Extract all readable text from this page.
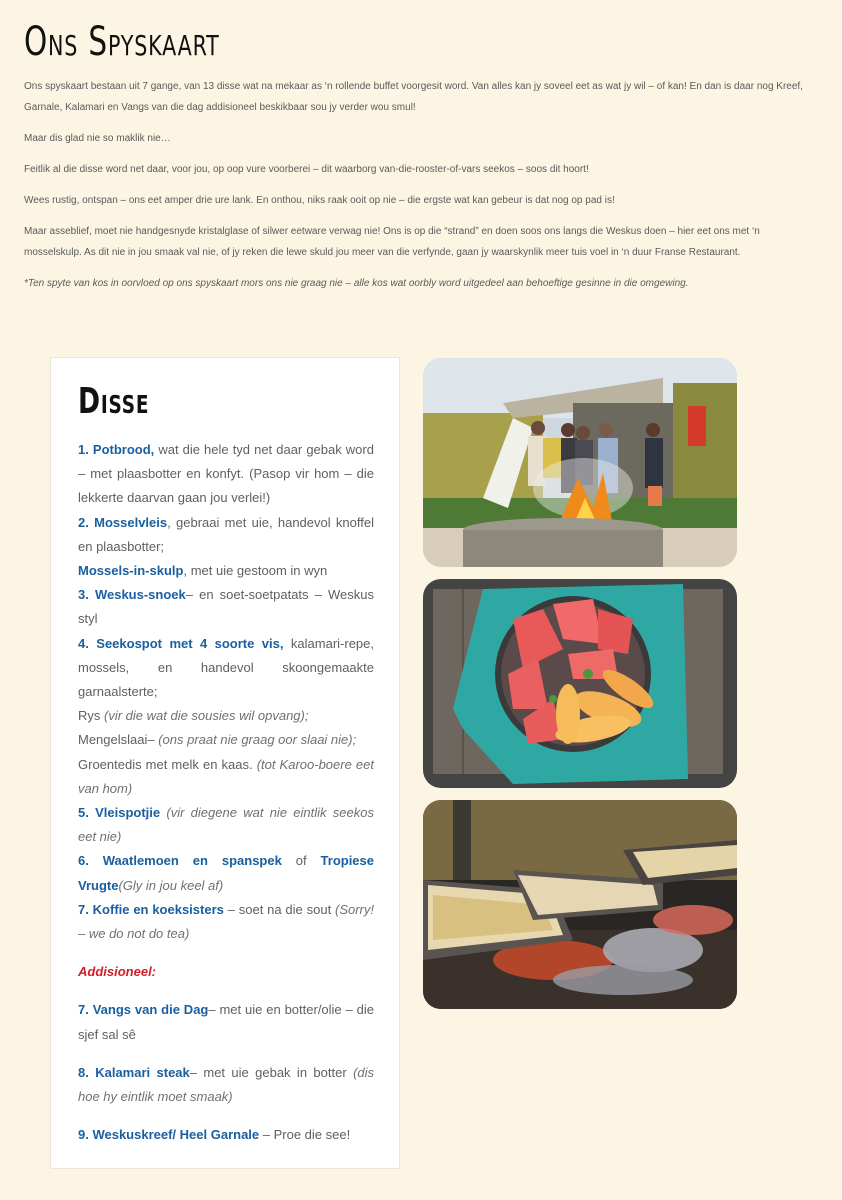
Ons Spyskaart

Ons spyskaart bestaan uit 7 gange, van 13 disse wat na mekaar as ‘n rollende buffet voorgesit word. Van alles kan jy soveel eet as wat jy wil – of kan! En dan is daar nog Kreef, Garnale, Kalamari en Vangs van die dag addisioneel beskikbaar sou jy verder wou smul!

Maar dis glad nie so maklik nie…

Feitlik al die disse word net daar, voor jou, op oop vure voorberei – dit waarborg van-die-rooster-of-vars seekos – soos dit hoort!

Wees rustig, ontspan – ons eet amper drie ure lank. En onthou, niks raak ooit op nie – die ergste wat kan gebeur is dat nog op pad is!

Maar asseblief, moet nie handgesnyde kristalglase of silwer eetware verwag nie! Ons is op die “strand” en doen soos ons langs die Weskus doen – hier eet ons met ‘n mosselskulp. As dit nie in jou smaak val nie, of jy reken die lewe skuld jou meer van die verfynde, gaan jy waarskynlik meer tuis voel in ‘n duur Franse Restaurant.

*Ten spyte van kos in oorvloed op ons spyskaart mors ons nie graag nie – alle kos wat oorbly word uitgedeel aan behoeftige gesinne in die omgewing.

Disse

1. Potbrood, wat die hele tyd net daar gebak word – met plaasbotter en konfyt. (Pasop vir hom – die lekkerte daarvan gaan jou verlei!)

2. Mosselvleis, gebraai met uie, handevol knoffel en plaasbotter;

Mossels-in-skulp, met uie gestoom in wyn

3. Weskus-snoek– en soet-soetpatats – Weskus styl

4. Seekospot met 4 soorte vis, kalamari-repe, mossels, en handevol skoongemaakte garnaalsterte;

Rys (vir die wat die sousies wil opvang);

Mengelslaai– (ons praat nie graag oor slaai nie);

Groentedis met melk en kaas. (tot Karoo-boere eet van hom)

5. Vleispotjie (vir diegene wat nie eintlik seekos eet nie)

6. Waatlemoen en spanspek of Tropiese Vrugte(Gly in jou keel af)

7. Koffie en koeksisters – soet na die sout (Sorry! – we do not do tea)

Addisioneel:

7. Vangs van die Dag– met uie en botter/olie – die sjef sal sê

8. Kalamari steak– met uie gebak in botter (dis hoe hy eintlik moet smaak)

9. Weskuskreef/ Heel Garnale – Proe die see!
